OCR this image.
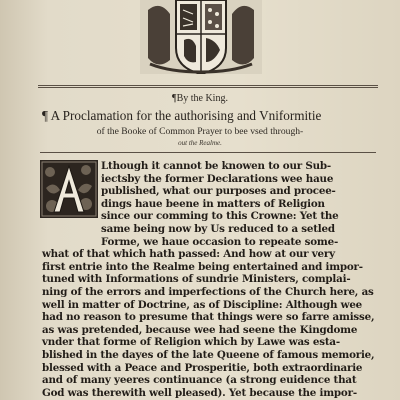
¶By the King.
¶ A Proclamation for the authorising and Vniformitie
of the Booke of Common Prayer to bee vsed through-
out the Realme.
Lthough it cannot be knowen to our Sub-
iectsby the former Declarations wee haue
published, what our purposes and procee-
dings haue beene in matters of Religion
since our comming to this Crowne: Yet the
same being now by Us reduced to a setled
Forme, we haue occasion to repeate some-
what of that which hath passed: And how at our very
first entrie into the Realme being entertained and impor-
tuned with Informations of sundrie Ministers, complai-
ning of the errors and imperfections of the Church here, as
well in matter of Doctrine, as of Discipline: Although wee
had no reason to presume that things were so farre amisse,
as was pretended, because wee had seene the Kingdome
vnder that forme of Religion which by Lawe was esta-
blished in the dayes of the late Queene of famous memorie,
blessed with a Peace and Prosperitie, both extraordinarie
and of many yeeres continuance (a strong euidence that
God was therewith well pleased). Yet because the impor-
